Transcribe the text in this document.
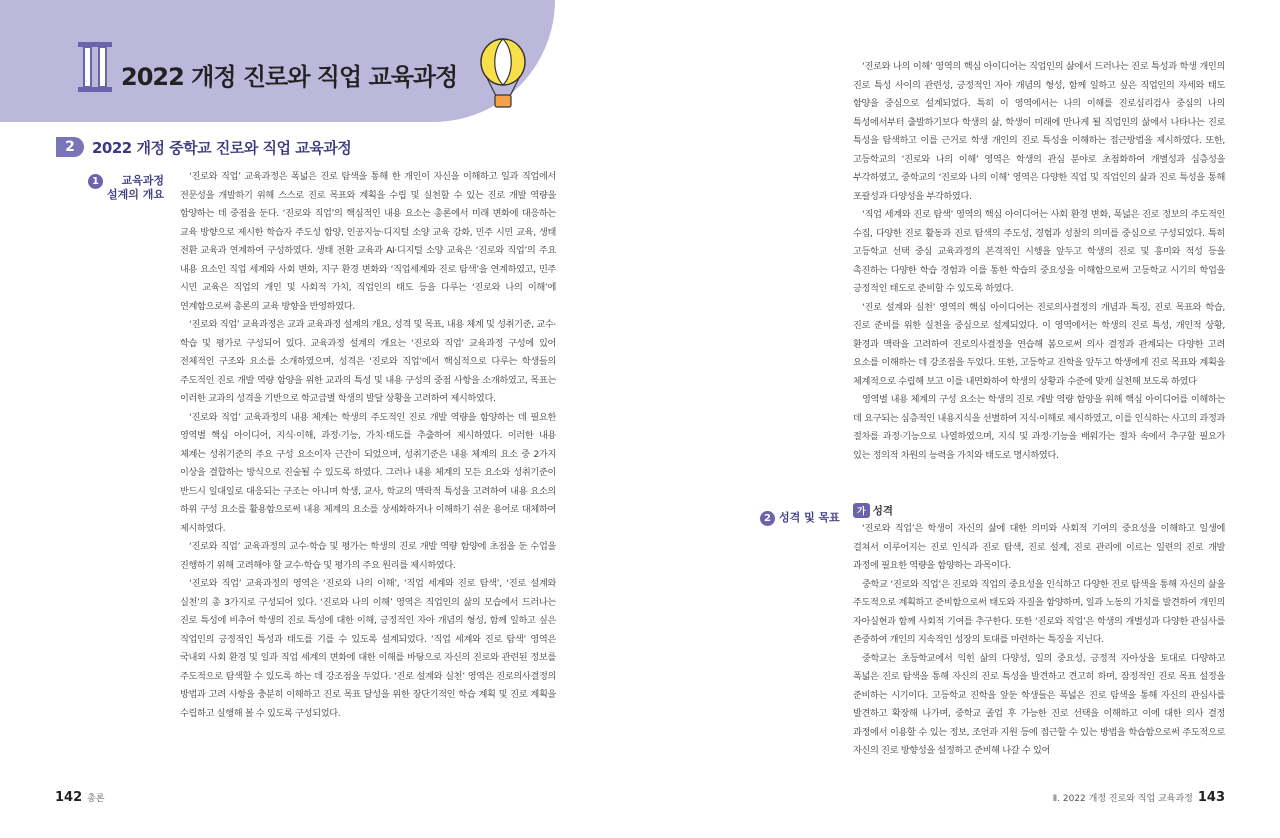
2022 개정 진로와 직업 교육과정
2	2022 개정 중학교 진로와 직업 교육과정
1	교육과정
설계의 개요

‘진로와 직업’ 교육과정은 폭넓은 진로 탐색을 통해 한 개인이 자신을 이해하고 일과 직업에서 전문성을 개발하기 위해 스스로 진로 목표와 계획을 수립 및 실천할 수 있는 진로 개발 역량을 함양하는 데 중점을 둔다. ‘진로와 직업’의 핵심적인 내용 요소는 총론에서 미래 변화에 대응하는 교육 방향으로 제시한 학습자 주도성 함양, 인공지능·디지털 소양 교육 강화, 민주 시민 교육, 생태 전환 교육과 연계하여 구성하였다. 생태 전환 교육과 AI·디지털 소양 교육은 ‘진로와 직업’의 주요 내용 요소인 직업 세계와 사회 변화, 지구 환경 변화와 ‘직업세계와 진로 탐색’을 연계하였고, 민주 시민 교육은 직업의 개인 및 사회적 가치, 직업인의 태도 등을 다루는 ‘진로와 나의 이해’에 연계함으로써 총론의 교육 방향을 반영하였다.

‘진로와 직업’ 교육과정은 교과 교육과정 설계의 개요, 성격 및 목표, 내용 체계 및 성취기준, 교수·학습 및 평가로 구성되어 있다. 교육과정 설계의 개요는 ‘진로와 직업’ 교육과정 구성에 있어 전체적인 구조와 요소를 소개하였으며, 성격은 ‘진로와 직업’에서 핵심적으로 다루는 학생들의 주도적인 진로 개발 역량 함양을 위한 교과의 특성 및 내용 구성의 중점 사항을 소개하였고, 목표는 이러한 교과의 성격을 기반으로 학교급별 학생의 발달 상황을 고려하여 제시하였다.

‘진로와 직업’ 교육과정의 내용 체계는 학생의 주도적인 진로 개발 역량을 함양하는 데 필요한 영역별 핵심 아이디어, 지식·이해, 과정·기능, 가치·태도를 추출하여 제시하였다. 이러한 내용 체계는 성취기준의 주요 구성 요소이자 근간이 되었으며, 성취기준은 내용 체계의 요소 중 2가지 이상을 결합하는 방식으로 진술될 수 있도록 하였다. 그러나 내용 체계의 모든 요소와 성취기준이 반드시 일대일로 대응되는 구조는 아니며 학생, 교사, 학교의 맥락적 특성을 고려하여 내용 요소의 하위 구성 요소를 활용함으로써 내용 체계의 요소를 상세화하거나 이해하기 쉬운 용어로 대체하여 제시하였다.

‘진로와 직업’ 교육과정의 교수·학습 및 평가는 학생의 진로 개발 역량 함양에 초점을 둔 수업을 진행하기 위해 고려해야 할 교수·학습 및 평가의 주요 원리를 제시하였다.

‘진로와 직업’ 교육과정의 영역은 ‘진로와 나의 이해’, ‘직업 세계와 진로 탐색’, ‘진로 설계와 실천’의 총 3가지로 구성되어 있다. ‘진로와 나의 이해’ 영역은 직업인의 삶의 모습에서 드러나는 진로 특성에 비추어 학생의 진로 특성에 대한 이해, 긍정적인 자아 개념의 형성, 함께 일하고 싶은 직업인의 긍정적인 특성과 태도를 기를 수 있도록 설계되었다. ‘직업 세계와 진로 탐색’ 영역은 국내외 사회 환경 및 일과 직업 세계의 변화에 대한 이해를 바탕으로 자신의 진로와 관련된 정보를 주도적으로 탐색할 수 있도록 하는 데 강조점을 두었다. ‘진로 설계와 실천’ 영역은 진로의사결정의 방법과 고려 사항을 충분히 이해하고 진로 목표 달성을 위한 장단기적인 학습 계획 및 진로 계획을 수립하고 실행해 볼 수 있도록 구성되었다.

‘진로와 나의 이해’ 영역의 핵심 아이디어는 직업인의 삶에서 드러나는 진로 특성과 학생 개인의 진로 특성 사이의 관련성, 긍정적인 자아 개념의 형성, 함께 일하고 싶은 직업인의 자세와 태도 함양을 중심으로 설계되었다. 특히 이 영역에서는 나의 이해를 진로심리검사 중심의 나의 특성에서부터 출발하기보다 학생의 삶, 학생이 미래에 만나게 될 직업인의 삶에서 나타나는 진로 특성을 탐색하고 이를 근거로 학생 개인의 진로 특성을 이해하는 접근방법을 제시하였다. 또한, 고등학교의 ‘진로와 나의 이해’ 영역은 학생의 관심 분야로 초점화하여 개별성과 심층성을 부각하였고, 중학교의 ‘진로와 나의 이해’ 영역은 다양한 직업 및 직업인의 삶과 진로 특성을 통해 포괄성과 다양성을 부각하였다.

‘직업 세계와 진로 탐색’ 영역의 핵심 아이디어는 사회 환경 변화, 폭넓은 진로 정보의 주도적인 수집, 다양한 진로 활동과 진로 탐색의 주도성, 경험과 성찰의 의미를 중심으로 구성되었다. 특히 고등학교 선택 중심 교육과정의 본격적인 시행을 앞두고 학생의 진로 및 흥미와 적성 등을 촉진하는 다양한 학습 경험과 이를 통한 학습의 중요성을 이해함으로써 고등학교 시기의 학업을 긍정적인 태도로 준비할 수 있도록 하였다.

‘진로 설계와 실천’ 영역의 핵심 아이디어는 진로의사결정의 개념과 특징, 진로 목표와 학습, 진로 준비를 위한 실천을 중심으로 설계되었다. 이 영역에서는 학생의 진로 특성, 개인적 상황, 환경과 맥락을 고려하여 진로의사결정을 연습해 봄으로써 의사 결정과 관계되는 다양한 고려 요소를 이해하는 데 강조점을 두었다. 또한, 고등학교 진학을 앞두고 학생에게 진로 목표와 계획을 체계적으로 수립해 보고 이를 내면화하여 학생의 상황과 수준에 맞게 실천해 보도록 하였다

영역별 내용 체계의 구성 요소는 학생의 진로 개발 역량 함양을 위해 핵심 아이디어를 이해하는 데 요구되는 심층적인 내용지식을 선별하여 지식·이해로 제시하였고, 이를 인식하는 사고의 과정과 절차를 과정·기능으로 나열하였으며, 지식 및 과정·기능을 배워가는 절차 속에서 추구할 필요가 있는 정의적 차원의 능력을 가치와 태도로 명시하였다.

2 성격 및 목표	가 성격

‘진로와 직업’은 학생이 자신의 삶에 대한 의미와 사회적 기여의 중요성을 이해하고 일생에 걸쳐서 이루어지는 진로 인식과 진로 탐색, 진로 설계, 진로 관리에 이르는 일련의 진로 개발 과정에 필요한 역량을 함양하는 과목이다.

중학교 ‘진로와 직업’은 진로와 직업의 중요성을 인식하고 다양한 진로 탐색을 통해 자신의 삶을 주도적으로 계획하고 준비함으로써 태도와 자질을 함양하며, 일과 노동의 가치를 발견하여 개인의 자아실현과 함께 사회적 기여를 추구한다. 또한 ‘진로와 직업’은 학생의 개별성과 다양한 관심사를 존중하여 개인의 지속적인 성장의 토대를 마련하는 특징을 지닌다.

중학교는 초등학교에서 익힌 삶의 다양성, 일의 중요성, 긍정적 자아상을 토대로 다양하고 폭넓은 진로 탐색을 통해 자신의 진로 특성을 발견하고 견고히 하며, 잠정적인 진로 목표 설정을 준비하는 시기이다. 고등학교 진학을 앞둔 학생들은 폭넓은 진로 탐색을 통해 자신의 관심사를 발견하고 확장해 나가며, 중학교 졸업 후 가능한 진로 선택을 이해하고 이에 대한 의사 결정 과정에서 이용할 수 있는 정보, 조언과 지원 등에 접근할 수 있는 방법을 학습함으로써 주도적으로 자신의 진로 방향성을 설정하고 준비해 나갈 수 있어

142 총론	Ⅱ. 2022 개정 진로와 직업 교육과정 143
